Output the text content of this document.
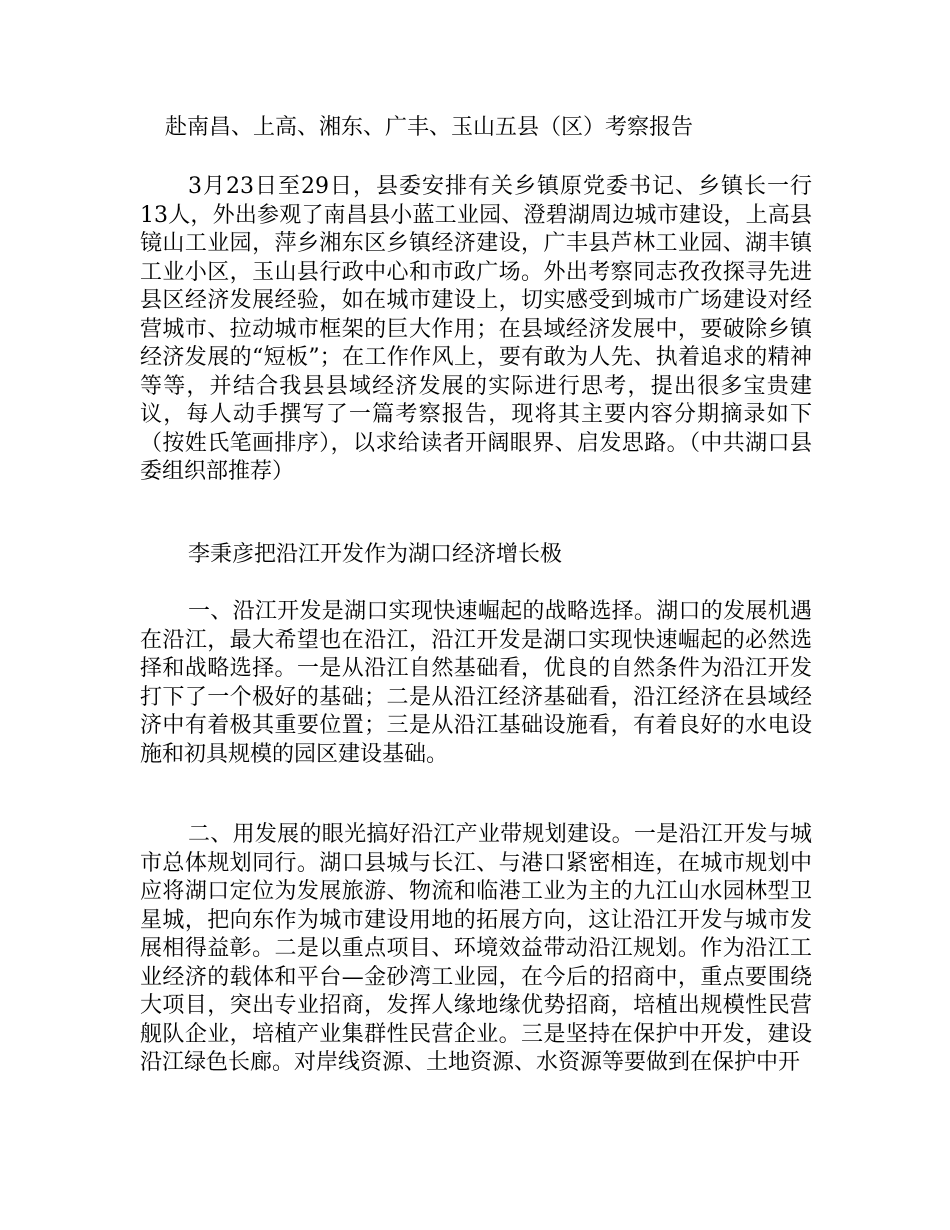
赴南昌、上高、湘东、广丰、玉山五县（区）考察报告

3月23日至29日，县委安排有关乡镇原党委书记、乡镇长一行13人，外出参观了南昌县小蓝工业园、澄碧湖周边城市建设，上高县镜山工业园，萍乡湘东区乡镇经济建设，广丰县芦林工业园、湖丰镇工业小区，玉山县行政中心和市政广场。外出考察同志孜孜探寻先进县区经济发展经验，如在城市建设上，切实感受到城市广场建设对经营城市、拉动城市框架的巨大作用；在县域经济发展中，要破除乡镇经济发展的“短板”；在工作作风上，要有敢为人先、执着追求的精神等等，并结合我县县域经济发展的实际进行思考，提出很多宝贵建议，每人动手撰写了一篇考察报告，现将其主要内容分期摘录如下（按姓氏笔画排序），以求给读者开阔眼界、启发思路。（中共湖口县委组织部推荐）

李秉彦把沿江开发作为湖口经济增长极

一、沿江开发是湖口实现快速崛起的战略选择。湖口的发展机遇在沿江，最大希望也在沿江，沿江开发是湖口实现快速崛起的必然选择和战略选择。一是从沿江自然基础看，优良的自然条件为沿江开发打下了一个极好的基础；二是从沿江经济基础看，沿江经济在县域经济中有着极其重要位置；三是从沿江基础设施看，有着良好的水电设施和初具规模的园区建设基础。

二、用发展的眼光搞好沿江产业带规划建设。一是沿江开发与城市总体规划同行。湖口县城与长江、与港口紧密相连，在城市规划中应将湖口定位为发展旅游、物流和临港工业为主的九江山水园林型卫星城，把向东作为城市建设用地的拓展方向，这让沿江开发与城市发展相得益彰。二是以重点项目、环境效益带动沿江规划。作为沿江工业经济的载体和平台—金砂湾工业园，在今后的招商中，重点要围绕大项目，突出专业招商，发挥人缘地缘优势招商，培植出规模性民营舰队企业，培植产业集群性民营企业。三是坚持在保护中开发，建设沿江绿色长廊。对岸线资源、土地资源、水资源等要做到在保护中开
